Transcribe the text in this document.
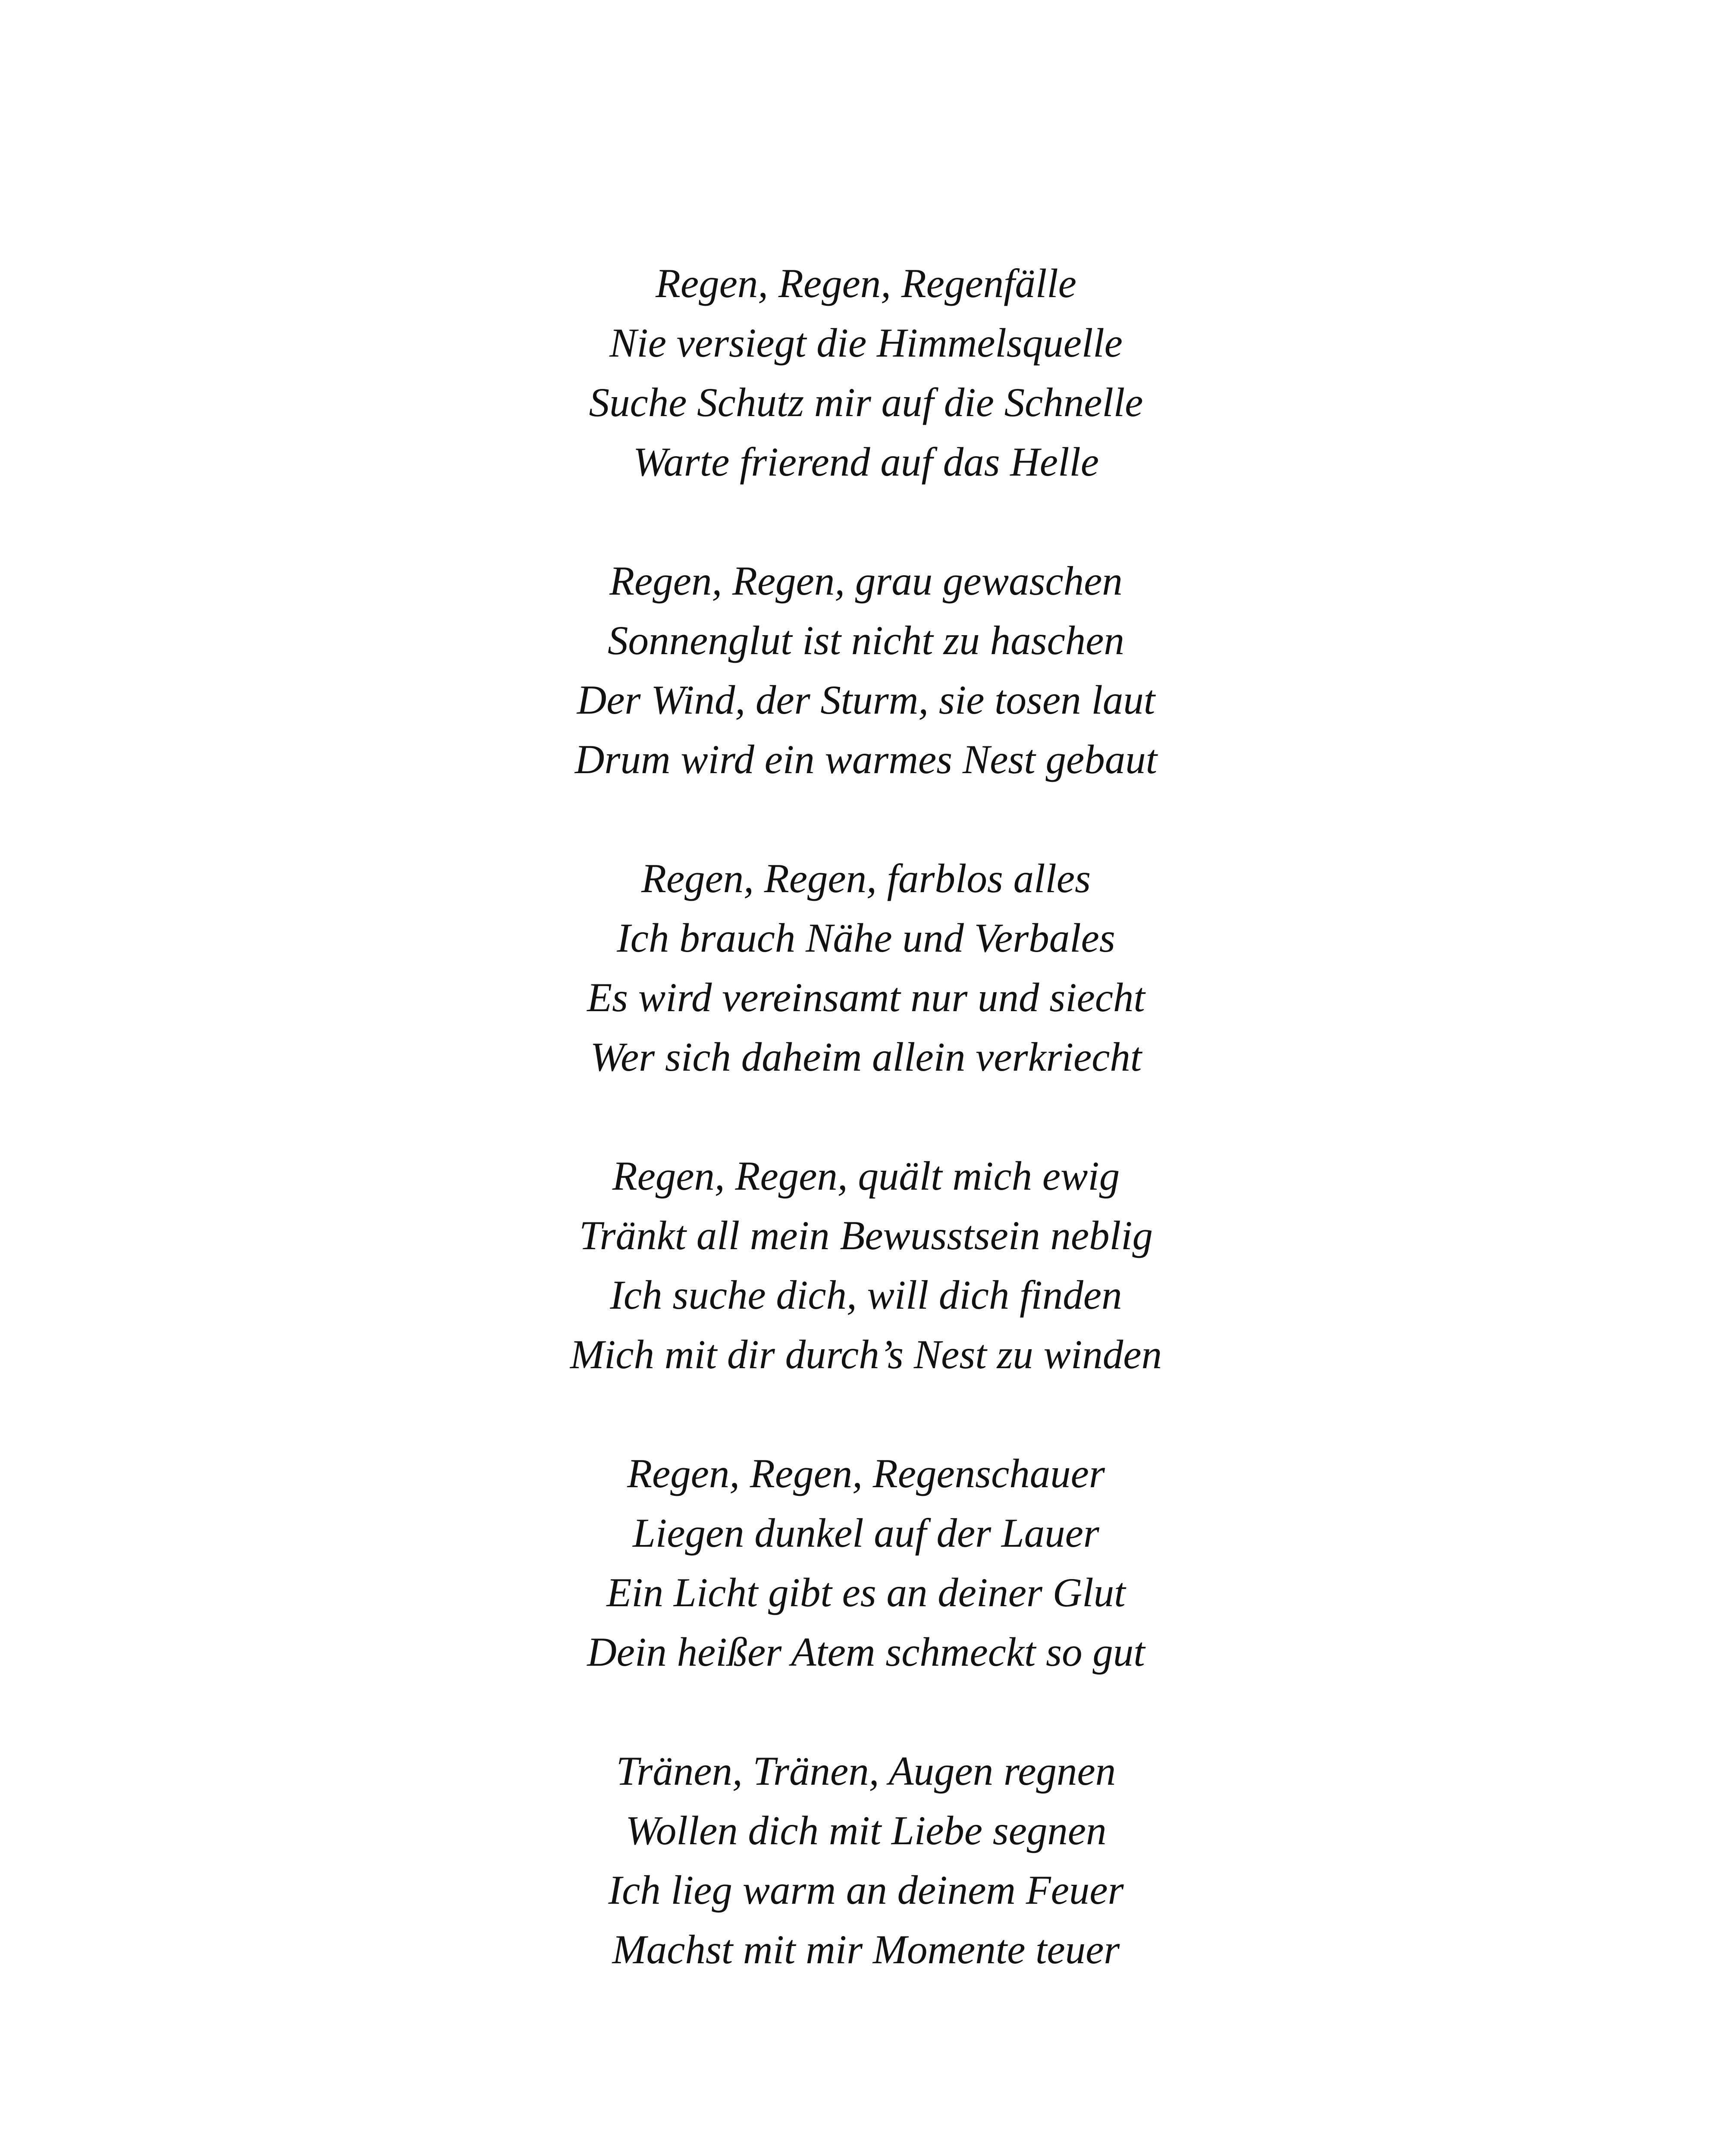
Regen, Regen, Regenfälle
Nie versiegt die Himmelsquelle
Suche Schutz mir auf die Schnelle
Warte frierend auf das Helle
Regen, Regen, grau gewaschen
Sonnenglut ist nicht zu haschen
Der Wind, der Sturm, sie tosen laut
Drum wird ein warmes Nest gebaut
Regen, Regen, farblos alles
Ich brauch Nähe und Verbales
Es wird vereinsamt nur und siecht
Wer sich daheim allein verkriecht
Regen, Regen, quält mich ewig
Tränkt all mein Bewusstsein neblig
Ich suche dich, will dich finden
Mich mit dir durch’s Nest zu winden
Regen, Regen, Regenschauer
Liegen dunkel auf der Lauer
Ein Licht gibt es an deiner Glut
Dein heißer Atem schmeckt so gut
Tränen, Tränen, Augen regnen
Wollen dich mit Liebe segnen
Ich lieg warm an deinem Feuer
Machst mit mir Momente teuer
